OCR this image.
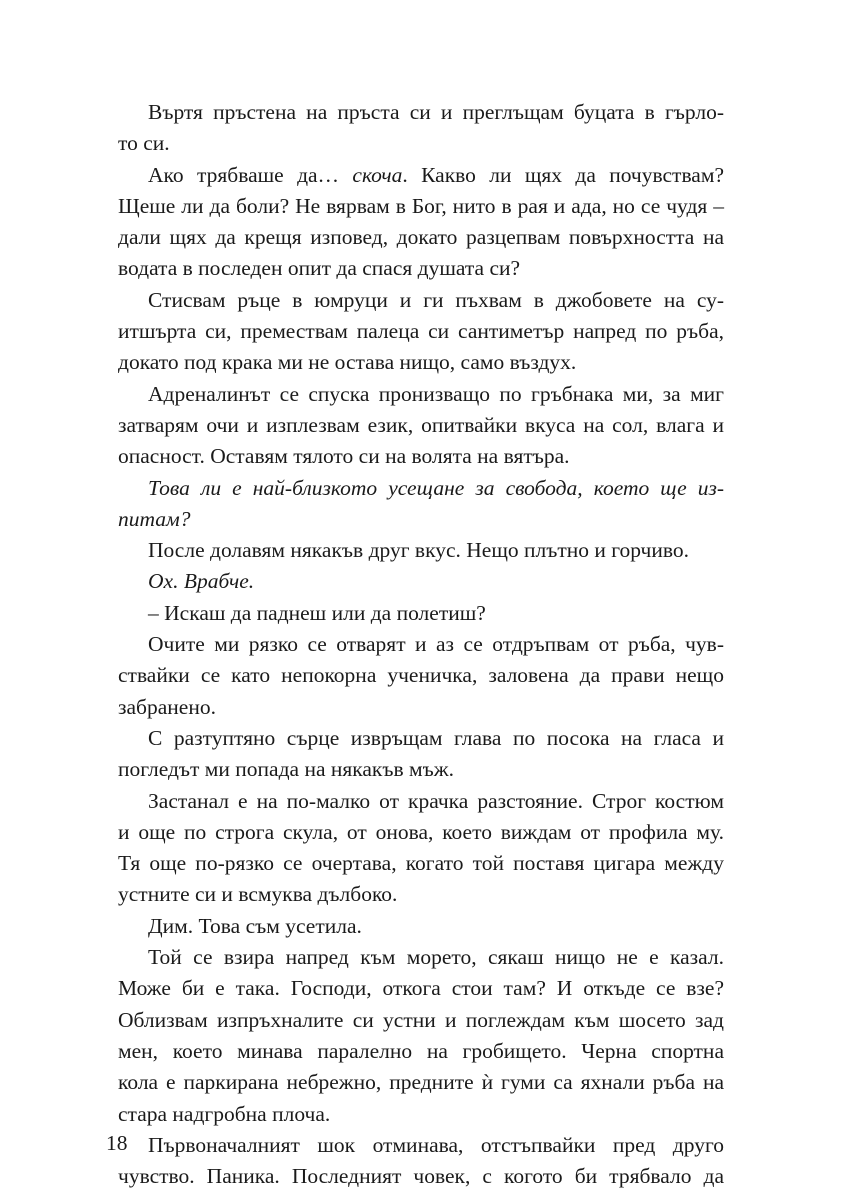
Въртя пръстена на пръста си и преглъщам буцата в гърло-
то си.

Ако трябваше да… скоча. Какво ли щях да почувствам?
Щеше ли да боли? Не вярвам в Бог, нито в рая и ада, но се чудя –
дали щях да крещя изповед, докато разцепвам повърхността на
водата в последен опит да спася душата си?

Стисвам ръце в юмруци и ги пъхвам в джобовете на су-
итшърта си, премествам палеца си сантиметър напред по ръба,
докато под крака ми не остава нищо, само въздух.

Адреналинът се спуска пронизващо по гръбнака ми, за миг
затварям очи и изплезвам език, опитвайки вкуса на сол, влага и
опасност. Оставям тялото си на волята на вятъра.

Това ли е най-близкото усещане за свобода, което ще из-
питам?

После долавям някакъв друг вкус. Нещо плътно и горчиво.

Ох. Врабче.

– Искаш да паднеш или да полетиш?

Очите ми рязко се отварят и аз се отдръпвам от ръба, чув-
ствайки се като непокорна ученичка, заловена да прави нещо
забранено.

С разтуптяно сърце извръщам глава по посока на гласа и
погледът ми попада на някакъв мъж.

Застанал е на по-малко от крачка разстояние. Строг костюм
и още по строга скула, от онова, което виждам от профила му.
Тя още по-рязко се очертава, когато той поставя цигара между
устните си и всмуква дълбоко.

Дим. Това съм усетила.

Той се взира напред към морето, сякаш нищо не е казал.
Може би е така. Господи, откога стои там? И откъде се взе?
Облизвам изпръхналите си устни и поглеждам към шосето зад
мен, което минава паралелно на гробището. Черна спортна
кола е паркирана небрежно, предните ѝ гуми са яхнали ръба на
стара надгробна плоча.

Първоначалният шок отминава, отстъпвайки пред друго
чувство. Паника. Последният човек, с когото би трябвало да

18
